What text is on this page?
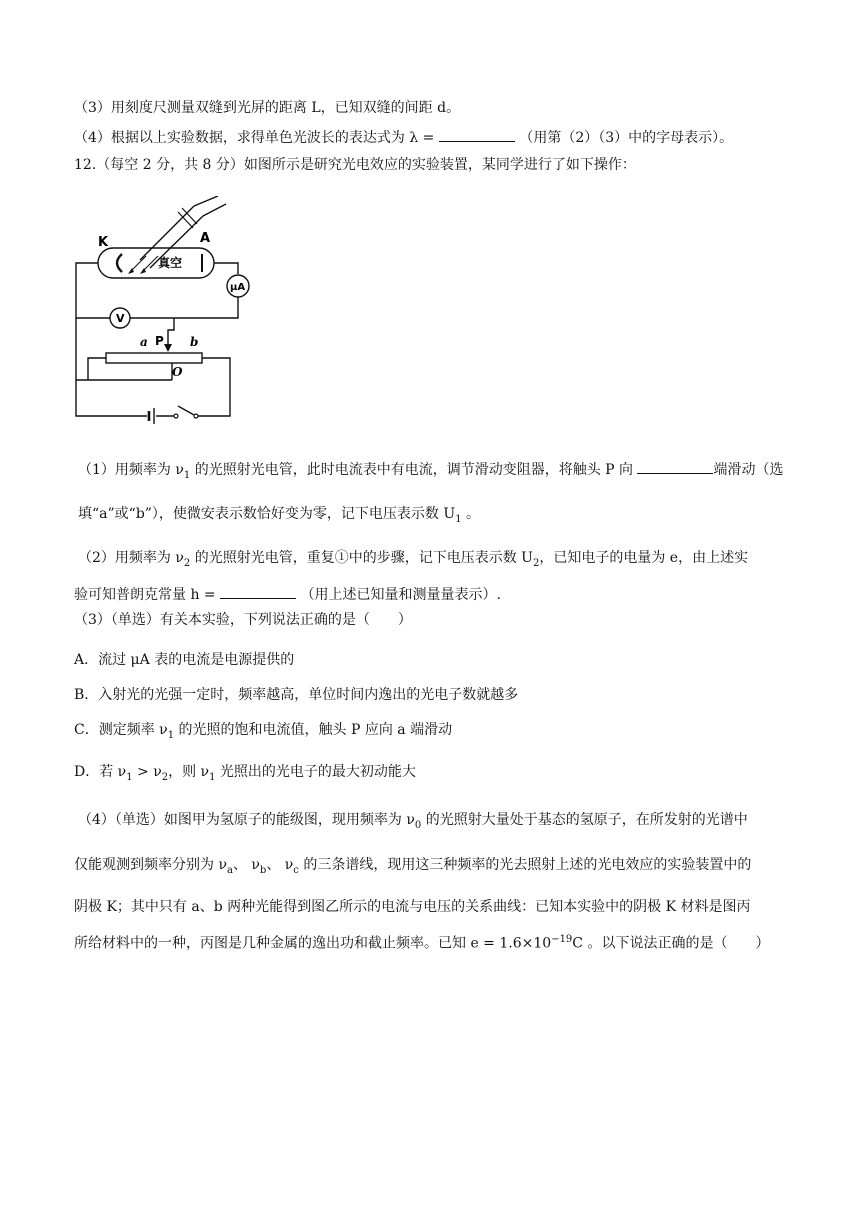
（3）用刻度尺测量双缝到光屏的距离 L，已知双缝的间距 d。
（4）根据以上实验数据，求得单色光波长的表达式为 λ =	（用第（2）（3）中的字母表示）。
12.（每空 2 分，共 8 分）如图所示是研究光电效应的实验装置，某同学进行了如下操作：
K	A
真空
μA
V
a P b
O
（1）用频率为 $\nu_1$ 的光照射光电管，此时电流表中有电流，调节滑动变阻器，将触头 P 向	端滑动（选
填“a”或“b”），使微安表示数恰好变为零，记下电压表示数 $U_1$ 。
（2）用频率为 $\nu_2$ 的光照射光电管，重复①中的步骤，记下电压表示数 $U_2$，已知电子的电量为 e，由上述实
验可知普朗克常量 h =	（用上述已知量和测量量表示）.
（3）（单选）有关本实验，下列说法正确的是（　　）
A．流过 μA 表的电流是电源提供的
B．入射光的光强一定时，频率越高，单位时间内逸出的光电子数就越多
C．测定频率 $\nu_1$ 的光照的饱和电流值，触头 P 应向 a 端滑动
D．若 $\nu_1 > \nu_2$，则 $\nu_1$ 光照出的光电子的最大初动能大
（4）（单选）如图甲为氢原子的能级图，现用频率为 $\nu_0$ 的光照射大量处于基态的氢原子，在所发射的光谱中
仅能观测到频率分别为 $\nu_a$、 $\nu_b$、 $\nu_c$ 的三条谱线，现用这三种频率的光去照射上述的光电效应的实验装置中的
阴极 K；其中只有 a、b 两种光能得到图乙所示的电流与电压的关系曲线：已知本实验中的阴极 K 材料是图丙
所给材料中的一种，丙图是几种金属的逸出功和截止频率。已知 $e = 1.6\times 10^{-19}C$ 。以下说法正确的是（　　）
